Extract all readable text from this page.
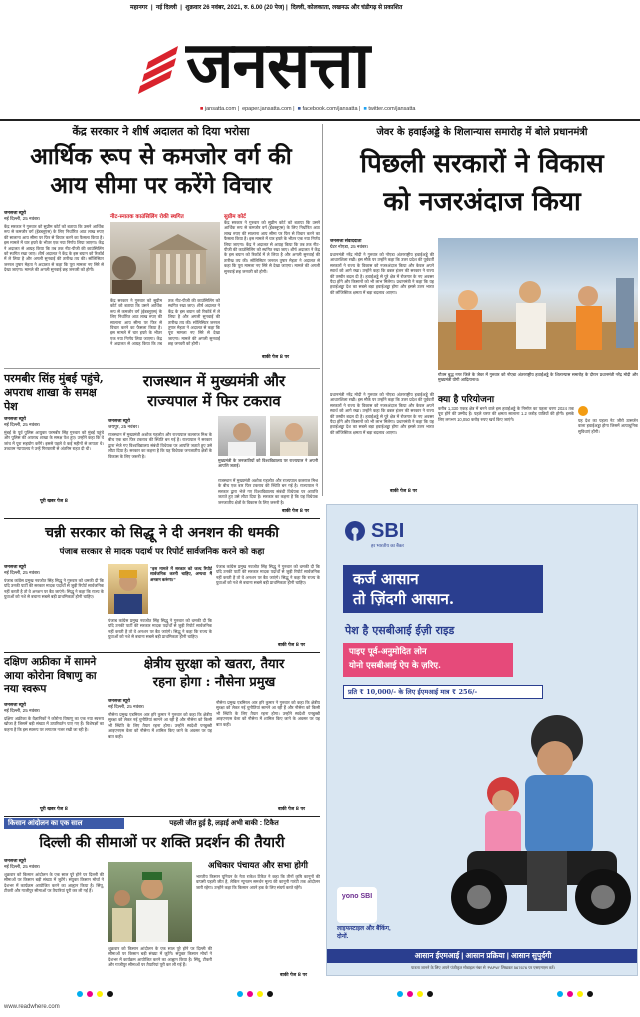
महानगर  |  नई दिल्ली  |  शुक्रवार 26 नवंबर, 2021, रु. 6.00 (20 पेज) |  दिल्ली, कोलकाता, लखनऊ और चंडीगढ़ से प्रकाशित
जनसत्ता
■ jansatta.com |  epaper.jansatta.com |  ■ facebook.com/jansatta |  ■ twitter.com/jansatta
केंद्र सरकार ने शीर्ष अदालत को दिया भरोसा
आर्थिक रूप से कमजोर वर्ग की
आय सीमा पर करेंगे विचार
जनसत्ता ब्यूरो
नई दिल्ली, 25 नवंबर।
केंद्र सरकार ने गुरुवार को सुप्रीम कोर्ट को बताया कि उसने आर्थिक रूप से कमजोर वर्ग (ईडब्लूएस) के लिए निर्धारित आठ लाख रुपए की सालाना आय सीमा पर फिर से विचार करने का फैसला किया है। इस मामले में चार हफ्ते के भीतर एक नया निर्णय लिया जाएगा। केंद्र ने अदालत से आग्रह किया कि तब तक नीट-पीजी की काउंसिलिंग को स्थगित रखा जाए। शीर्ष अदालत ने केंद्र के इस बयान को रिकॉर्ड में ले लिया है और अगली सुनवाई की तारीख तय की। सॉलिसिटर जनरल तुषार मेहता ने अदालत से कहा कि पूरा मामला नए सिरे से देखा जाएगा। मामले की अगली सुनवाई छह जनवरी को होगी।
नीट-स्नातक काउंसिलिंग रोकी स्थगित
केंद्र सरकार ने गुरुवार को सुप्रीम कोर्ट को बताया कि उसने आर्थिक रूप से कमजोर वर्ग (ईडब्लूएस) के लिए निर्धारित आठ लाख रुपए की सालाना आय सीमा पर फिर से विचार करने का फैसला किया है। इस मामले में चार हफ्ते के भीतर एक नया निर्णय लिया जाएगा। केंद्र ने अदालत से आग्रह किया कि तब तक नीट-पीजी की काउंसिलिंग को स्थगित रखा जाए। शीर्ष अदालत ने केंद्र के इस बयान को रिकॉर्ड में ले लिया है और अगली सुनवाई की तारीख तय की। सॉलिसिटर जनरल तुषार मेहता ने अदालत से कहा कि पूरा मामला नए सिरे से देखा जाएगा। मामले की अगली सुनवाई छह जनवरी को होगी।
सुप्रीम कोर्ट
केंद्र सरकार ने गुरुवार को सुप्रीम कोर्ट को बताया कि उसने आर्थिक रूप से कमजोर वर्ग (ईडब्लूएस) के लिए निर्धारित आठ लाख रुपए की सालाना आय सीमा पर फिर से विचार करने का फैसला किया है। इस मामले में चार हफ्ते के भीतर एक नया निर्णय लिया जाएगा। केंद्र ने अदालत से आग्रह किया कि तब तक नीट-पीजी की काउंसिलिंग को स्थगित रखा जाए। शीर्ष अदालत ने केंद्र के इस बयान को रिकॉर्ड में ले लिया है और अगली सुनवाई की तारीख तय की। सॉलिसिटर जनरल तुषार मेहता ने अदालत से कहा कि पूरा मामला नए सिरे से देखा जाएगा। मामले की अगली सुनवाई छह जनवरी को होगी।
बाकी पेज 8 पर
जेवर के हवाईअड्डे के शिलान्यास समारोह में बोले प्रधानमंत्री
पिछली सरकारों ने विकास
को नजरअंदाज किया
जनसत्ता संवाददाता
ग्रेटर नोएडा, 25 नवंबर।
प्रधानमंत्री नरेंद्र मोदी ने गुरुवार को नोएडा अंतरराष्ट्रीय हवाईअड्डे की आधारशिला रखी। इस मौके पर उन्होंने कहा कि उत्तर प्रदेश की पूर्ववर्ती सरकारों ने राज्य के विकास को नजरअंदाज किया और केवल अपने स्वार्थ को आगे रखा। उन्होंने कहा कि डबल इंजन की सरकार ने राज्य की तस्वीर बदल दी है। हवाईअड्डे से पूरे क्षेत्र में रोजगार के नए अवसर पैदा होंगे और किसानों को भी लाभ मिलेगा। प्रधानमंत्री ने कहा कि यह हवाईअड्डा देश का सबसे बड़ा हवाईअड्डा होगा और इससे उत्तर भारत की लॉजिस्टिक क्षमता में बड़ा बदलाव आएगा।
गौतम बुद्ध नगर जिले के जेवर में गुरुवार को नोएडा अंतरराष्ट्रीय हवाईअड्डे के शिलान्यास समारोह के दौरान प्रधानमंत्री नरेंद्र मोदी और मुख्यमंत्री योगी आदित्यनाथ।
प्रधानमंत्री नरेंद्र मोदी ने गुरुवार को नोएडा अंतरराष्ट्रीय हवाईअड्डे की आधारशिला रखी। इस मौके पर उन्होंने कहा कि उत्तर प्रदेश की पूर्ववर्ती सरकारों ने राज्य के विकास को नजरअंदाज किया और केवल अपने स्वार्थ को आगे रखा। उन्होंने कहा कि डबल इंजन की सरकार ने राज्य की तस्वीर बदल दी है। हवाईअड्डे से पूरे क्षेत्र में रोजगार के नए अवसर पैदा होंगे और किसानों को भी लाभ मिलेगा। प्रधानमंत्री ने कहा कि यह हवाईअड्डा देश का सबसे बड़ा हवाईअड्डा होगा और इससे उत्तर भारत की लॉजिस्टिक क्षमता में बड़ा बदलाव आएगा।
बाकी पेज 8 पर
क्या है परियोजना
करीब 1,330 एकड़ क्षेत्र में बनने वाले इस हवाईअड्डे के निर्माण का पहला चरण 2024 तक पूरा होने की उम्मीद है। पहले चरण की क्षमता सालाना 1.2 करोड़ यात्रियों की होगी। इसके लिए लगभग 10,050 करोड़ रुपए खर्च किए जाएंगे।	यह देश का पहला नेट जीरो उत्सर्जन वाला हवाईअड्डा होगा जिसमें अत्याधुनिक सुविधाएं होंगी।
परमबीर सिंह मुंबई पहुंचे, अपराध शाखा के समक्ष पेश
जनसत्ता ब्यूरो
नई दिल्ली, 25 नवंबर।
मुंबई के पूर्व पुलिस आयुक्त परमबीर सिंह गुरुवार को मुंबई पहुंचे और पुलिस की अपराध शाखा के समक्ष पेश हुए। उन्होंने कहा कि वे जांच में पूरा सहयोग करेंगे। इससे पहले वे कई महीनों से लापता थे। उच्चतम न्यायालय ने उन्हें गिरफ्तारी से अंतरिम राहत दी थी।
पूरी खबर पेज 8
राजस्थान में मुख्यमंत्री और
राज्यपाल में फिर टकराव
जनसत्ता ब्यूरो
जयपुर, 25 नवंबर।
राजस्थान में मुख्यमंत्री अशोक गहलोत और राज्यपाल कलराज मिश्र के बीच एक बार फिर टकराव की स्थिति बन गई है। राज्यपाल ने सरकार द्वारा भेजे गए विश्वविद्यालय संबंधी विधेयक पर आपत्ति जताते हुए उसे लौटा दिया है। सरकार का कहना है कि यह विधेयक जनजातीय क्षेत्रों के विकास के लिए जरूरी है।
मुख्यमंत्री के जनजातियों को विश्वविद्यालय पर राज्यपाल ने अपनी आपत्ति जताई।
राजस्थान में मुख्यमंत्री अशोक गहलोत और राज्यपाल कलराज मिश्र के बीच एक बार फिर टकराव की स्थिति बन गई है। राज्यपाल ने सरकार द्वारा भेजे गए विश्वविद्यालय संबंधी विधेयक पर आपत्ति जताते हुए उसे लौटा दिया है। सरकार का कहना है कि यह विधेयक जनजातीय क्षेत्रों के विकास के लिए जरूरी है।
बाकी पेज 8 पर
चन्नी सरकार को सिद्धू ने दी अनशन की धमकी
पंजाब सरकार से मादक पदार्थ पर रिपोर्ट सार्वजनिक करने को कहा
जनसत्ता ब्यूरो
नई दिल्ली, 25 नवंबर।
पंजाब कांग्रेस प्रमुख नवजोत सिंह सिद्धू ने गुरुवार को धमकी दी कि यदि उनकी पार्टी की सरकार मादक पदार्थों से जुड़ी रिपोर्ट सार्वजनिक नहीं करती है तो वे अनशन पर बैठ जाएंगे। सिद्धू ने कहा कि राज्य के युवाओं को नशे से बचाना सबसे बड़ी प्राथमिकता होनी चाहिए।
‘‘इस मामले में सरकार को जल्द रिपोर्ट सार्वजनिक करनी चाहिए, अन्यथा मैं अनशन करूंगा।’’
पंजाब कांग्रेस प्रमुख नवजोत सिंह सिद्धू ने गुरुवार को धमकी दी कि यदि उनकी पार्टी की सरकार मादक पदार्थों से जुड़ी रिपोर्ट सार्वजनिक नहीं करती है तो वे अनशन पर बैठ जाएंगे। सिद्धू ने कहा कि राज्य के युवाओं को नशे से बचाना सबसे बड़ी प्राथमिकता होनी चाहिए।
पंजाब कांग्रेस प्रमुख नवजोत सिंह सिद्धू ने गुरुवार को धमकी दी कि यदि उनकी पार्टी की सरकार मादक पदार्थों से जुड़ी रिपोर्ट सार्वजनिक नहीं करती है तो वे अनशन पर बैठ जाएंगे। सिद्धू ने कहा कि राज्य के युवाओं को नशे से बचाना सबसे बड़ी प्राथमिकता होनी चाहिए।
बाकी पेज 8 पर
दक्षिण अफ्रीका में सामने आया कोरोना विषाणु का नया स्वरूप
जनसत्ता ब्यूरो
नई दिल्ली, 25 नवंबर।
दक्षिण अफ्रीका के वैज्ञानिकों ने कोरोना विषाणु का एक नया स्वरूप खोजा है जिसमें बड़ी संख्या में उत्परिवर्तन पाए गए हैं। विशेषज्ञों का कहना है कि इस स्वरूप पर लगातार नजर रखी जा रही है।
पूरी खबर पेज 8
क्षेत्रीय सुरक्षा को खतरा, तैयार
रहना होगा : नौसेना प्रमुख
जनसत्ता ब्यूरो
नई दिल्ली, 25 नवंबर।
नौसेना प्रमुख एडमिरल आर हरि कुमार ने गुरुवार को कहा कि क्षेत्रीय सुरक्षा को लेकर नई चुनौतियां सामने आ रही हैं और नौसेना को किसी भी स्थिति के लिए तैयार रहना होगा। उन्होंने स्वदेशी पनडुब्बी आइएनएस वेला को नौसेना में शामिल किए जाने के अवसर पर यह बात कही।
नौसेना प्रमुख एडमिरल आर हरि कुमार ने गुरुवार को कहा कि क्षेत्रीय सुरक्षा को लेकर नई चुनौतियां सामने आ रही हैं और नौसेना को किसी भी स्थिति के लिए तैयार रहना होगा। उन्होंने स्वदेशी पनडुब्बी आइएनएस वेला को नौसेना में शामिल किए जाने के अवसर पर यह बात कही।
बाकी पेज 8 पर
किसान आंदोलन का एक साल	पहली जीत हुई है, लड़ाई अभी बाकी : टिकैत
दिल्ली की सीमाओं पर शक्ति प्रदर्शन की तैयारी
जनसत्ता ब्यूरो
नई दिल्ली, 25 नवंबर।
शुक्रवार को किसान आंदोलन के एक साल पूरे होने पर दिल्ली की सीमाओं पर किसान बड़ी संख्या में जुटेंगे। संयुक्त किसान मोर्चा ने देशभर में कार्यक्रम आयोजित करने का आह्वान किया है। सिंघू, टीकरी और गाजीपुर सीमाओं पर तैयारियां पूरी कर ली गई हैं।
शुक्रवार को किसान आंदोलन के एक साल पूरे होने पर दिल्ली की सीमाओं पर किसान बड़ी संख्या में जुटेंगे। संयुक्त किसान मोर्चा ने देशभर में कार्यक्रम आयोजित करने का आह्वान किया है। सिंघू, टीकरी और गाजीपुर सीमाओं पर तैयारियां पूरी कर ली गई हैं।
अधिकार पंचायत और सभा होगी
भारतीय किसान यूनियन के नेता राकेश टिकैत ने कहा कि तीनों कृषि कानूनों की वापसी पहली जीत है, लेकिन न्यूनतम समर्थन मूल्य की कानूनी गारंटी तक आंदोलन जारी रहेगा। उन्होंने कहा कि किसान अपने हक के लिए संघर्ष करते रहेंगे।
बाकी पेज 8 पर
SBI
हर भारतीय का बैंकर
कर्ज आसान
तो ज़िंदगी आसान.
पेश है एसबीआई ईज़ी राइड
पाइए पूर्व-अनुमोदित लोन
योनो एसबीआई ऐप के ज़रिए.
प्रति ₹ 10,000/- के लिए ईएमआई मात्र ₹ 256/-
yono SBI
लाइफस्टाइल और बैंकिंग, दोनों.
आसान ईएमआई | आसान प्रक्रिया | आसान सुपुर्दगी
पात्रता जानने के लिए अपने पंजीकृत मोबाइल नंबर से ‘PAPW’ लिखकर 567676 पर एसएमएस करें।
www.readwhere.com
